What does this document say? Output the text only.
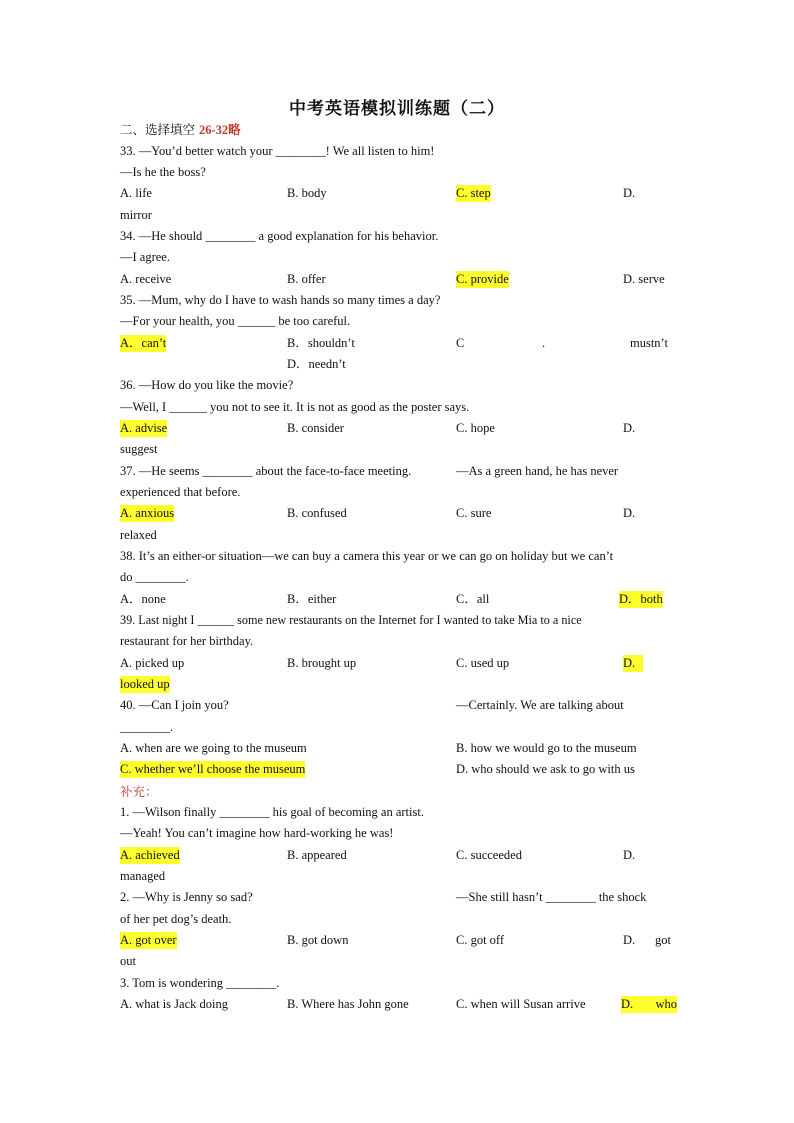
中考英语模拟训练题（二）
二、选择填空 26-32略
33. —You’d better watch your ________! We all listen to him!
—Is he the boss?
A. life	B. body	C. step	D.
mirror
34. —He should ________ a good explanation for his behavior.
—I agree.
A. receive	B. offer	C. provide	D. serve
35. —Mum, why do I have to wash hands so many times a day?
—For your health, you ______ be too careful.
A．can’t	B．shouldn’t	C	.	mustn’t
D．needn’t
36. —How do you like the movie?
—Well, I ______ you not to see it. It is not as good as the poster says.
A. advise	B. consider	C. hope	D.
suggest
37. —He seems ________ about the face-to-face meeting.	—As a green hand, he has never
experienced that before.
A. anxious	B. confused	C. sure	D.
relaxed
38. It’s an either-or situation—we can buy a camera this year or we can go on holiday but we can’t
do ________.
A．none	B．either	C．all	D．both
39. Last night I ______ some new restaurants on the Internet for I wanted to take Mia to a nice
restaurant for her birthday.
A. picked up	B. brought up	C. used up	D.
looked up
40. —Can I join you?	—Certainly. We are talking about
________.
A. when are we going to the museum	B. how we would go to the museum
C. whether we’ll choose the museum	D. who should we ask to go with us
补充：
1. —Wilson finally ________ his goal of becoming an artist.
—Yeah! You can’t imagine how hard-working he was!
A. achieved	B. appeared	C. succeeded	D.
managed
2. —Why is Jenny so sad?	—She still hasn’t ________ the shock
of her pet dog’s death.
A. got over	B. got down	C. got off	D. got
out
3. Tom is wondering ________.
A. what is Jack doing	B. Where has John gone	C. when will Susan arrive	D. who
